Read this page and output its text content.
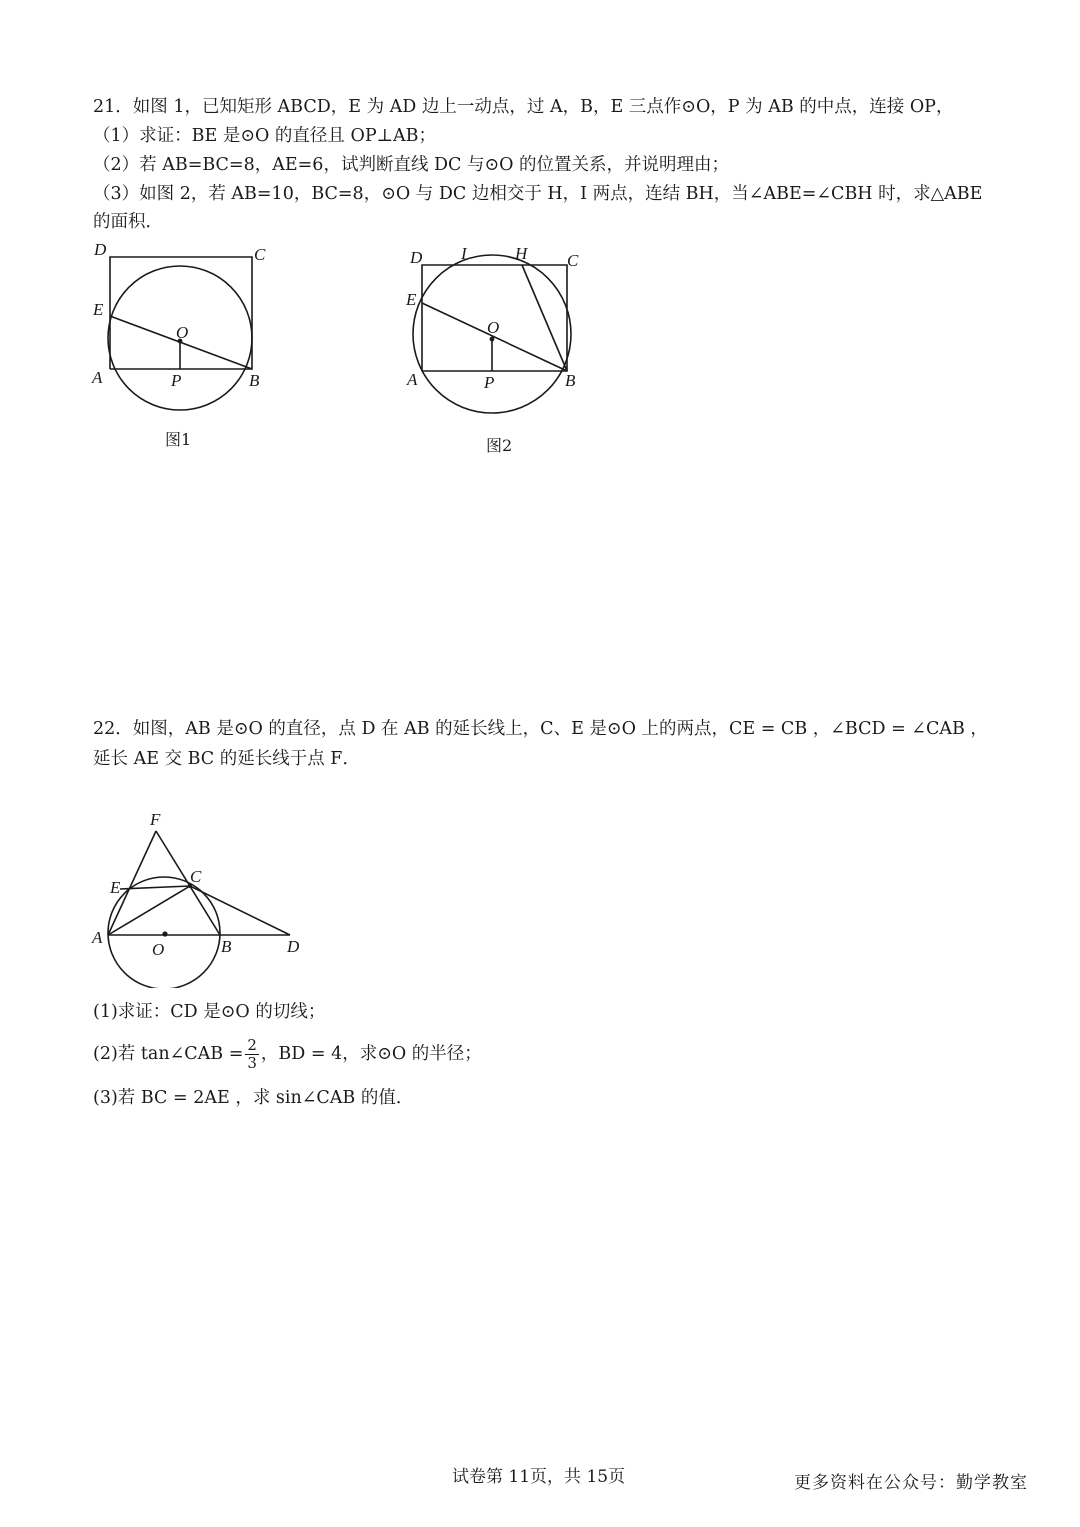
21．如图 1，已知矩形 ABCD，E 为 AD 边上一动点，过 A，B，E 三点作⊙O，P 为 AB 的中点，连接 OP，
（1）求证：BE 是⊙O 的直径且 OP⊥AB；
（2）若 AB=BC=8，AE=6，试判断直线 DC 与⊙O 的位置关系，并说明理由；
（3）如图 2，若 AB=10，BC=8，⊙O 与 DC 边相交于 H，I 两点，连结 BH，当∠ABE=∠CBH 时，求△ABE
的面积．
D	C
E
O
A	P	B
图1
D I	H C
E
O
A	P	B
图2
22．如图，AB 是⊙O 的直径，点 D 在 AB 的延长线上，C、E 是⊙O 上的两点，CE = CB ，∠BCD = ∠CAB ，
延长 AE 交 BC 的延长线于点 F．
F
E
C
A
O	B	D
(1)求证：CD 是⊙O 的切线；
(2)若 tan∠CAB = $\frac{2}{3}$ ，BD = 4，求⊙O 的半径；
(3)若 BC = 2AE ，求 sin∠CAB 的值．
试卷第 11页，共 15页	更多资料在公众号：勤学教室
